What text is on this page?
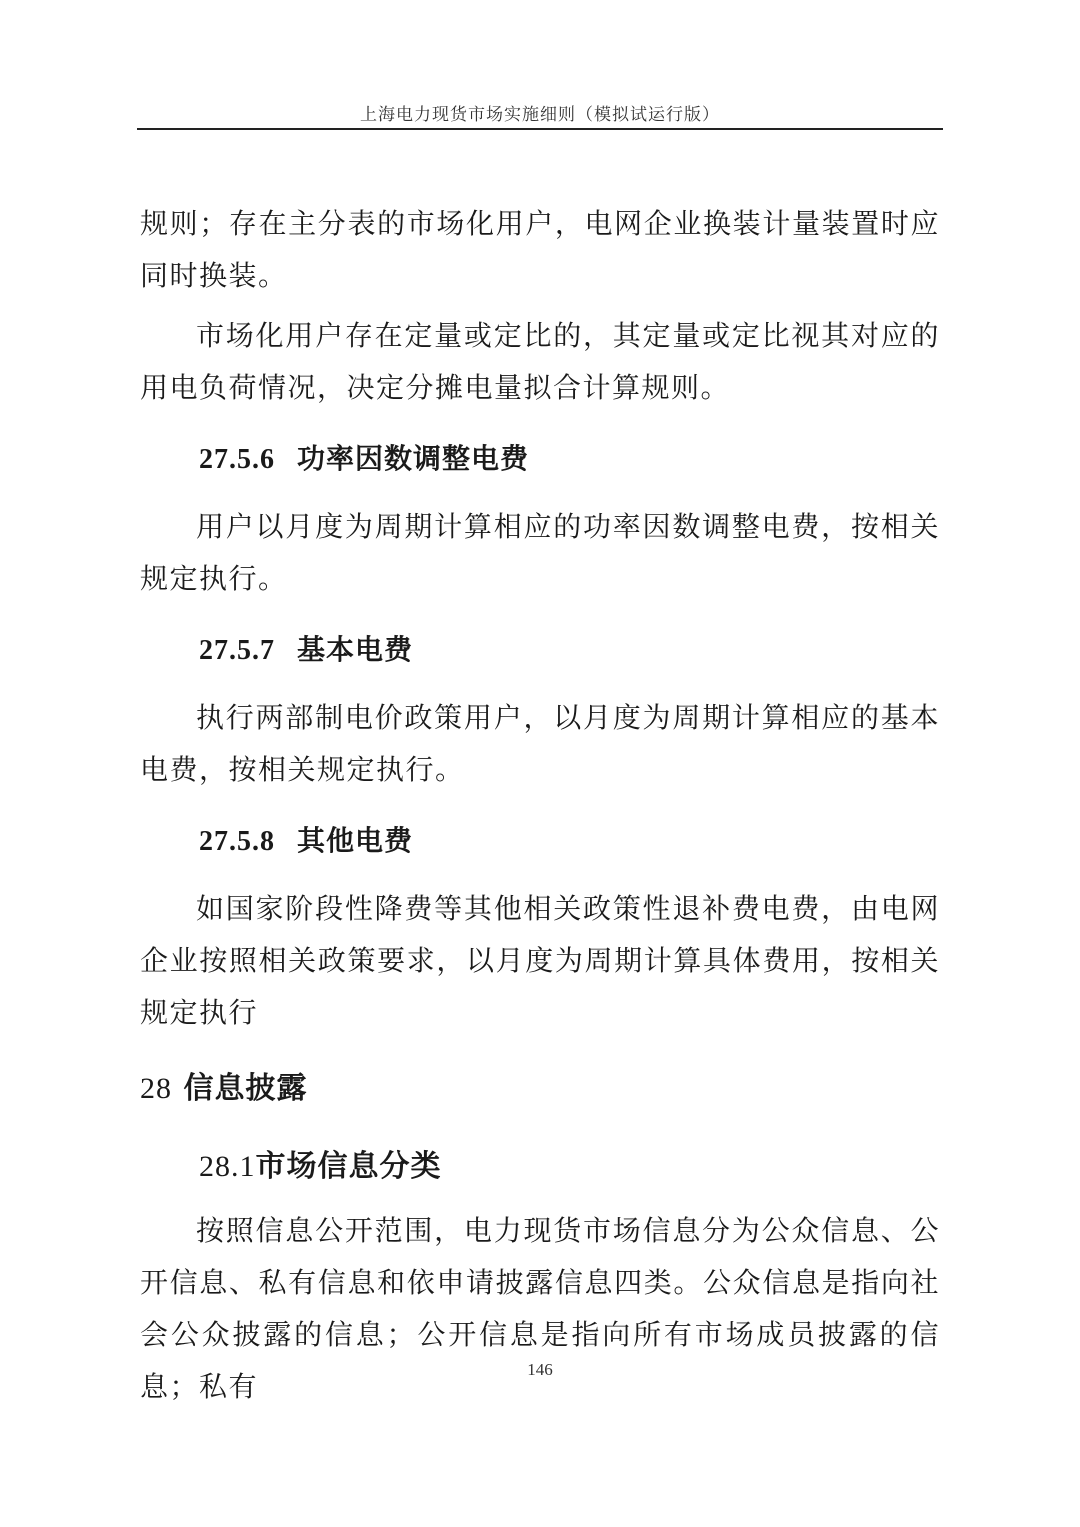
上海电力现货市场实施细则（模拟试运行版）

规则；存在主分表的市场化用户，电网企业换装计量装置时应同时换装。

市场化用户存在定量或定比的，其定量或定比视其对应的用电负荷情况，决定分摊电量拟合计算规则。

27.5.6 功率因数调整电费

用户以月度为周期计算相应的功率因数调整电费，按相关规定执行。

27.5.7 基本电费

执行两部制电价政策用户，以月度为周期计算相应的基本电费，按相关规定执行。

27.5.8 其他电费

如国家阶段性降费等其他相关政策性退补费电费，由电网企业按照相关政策要求，以月度为周期计算具体费用，按相关规定执行

28 信息披露
28.1市场信息分类

按照信息公开范围，电力现货市场信息分为公众信息、公开信息、私有信息和依申请披露信息四类。公众信息是指向社会公众披露的信息；公开信息是指向所有市场成员披露的信息；私有

146
